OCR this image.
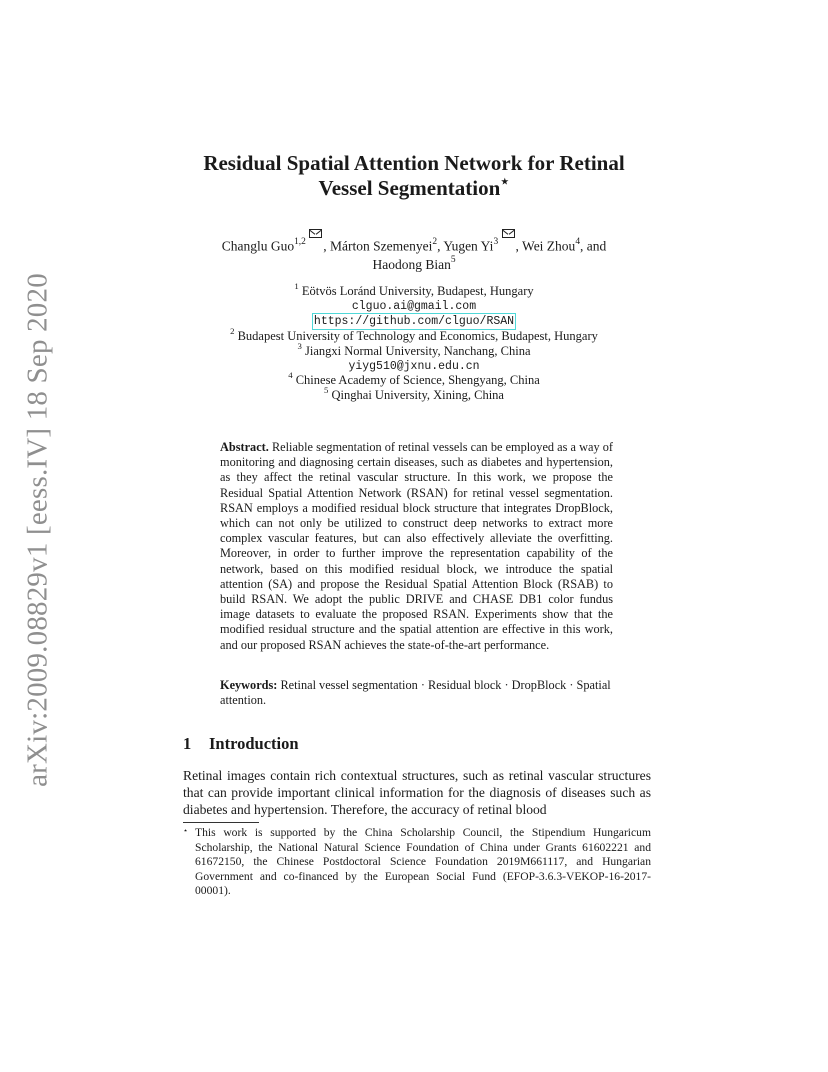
arXiv:2009.08829v1 [eess.IV] 18 Sep 2020
Residual Spatial Attention Network for Retinal
Vessel Segmentation⋆
Changlu Guo$^{1,2}$ , Márton Szemenyei$^2$, Yugen Yi$^3$ , Wei Zhou$^4$, and
Haodong Bian$^5$
$^1$ Eötvös Loránd University, Budapest, Hungary
clguo.ai@gmail.com
https://github.com/clguo/RSAN
$^2$ Budapest University of Technology and Economics, Budapest, Hungary
$^3$ Jiangxi Normal University, Nanchang, China
yiyg510@jxnu.edu.cn
$^4$ Chinese Academy of Science, Shengyang, China
$^5$ Qinghai University, Xining, China
Abstract. Reliable segmentation of retinal vessels can be employed as a way of monitoring and diagnosing certain diseases, such as diabetes and hypertension, as they affect the retinal vascular structure. In this work, we propose the Residual Spatial Attention Network (RSAN) for retinal vessel segmentation. RSAN employs a modified residual block structure that integrates DropBlock, which can not only be utilized to construct deep networks to extract more complex vascular features, but can also effectively alleviate the overfitting. Moreover, in order to further improve the representation capability of the network, based on this modified residual block, we introduce the spatial attention (SA) and propose the Residual Spatial Attention Block (RSAB) to build RSAN. We adopt the public DRIVE and CHASE DB1 color fundus image datasets to evaluate the proposed RSAN. Experiments show that the modified residual structure and the spatial attention are effective in this work, and our proposed RSAN achieves the state-of-the-art performance.
Keywords: Retinal vessel segmentation · Residual block · DropBlock · Spatial attention.
1 Introduction
Retinal images contain rich contextual structures, such as retinal vascular structures that can provide important clinical information for the diagnosis of diseases such as diabetes and hypertension. Therefore, the accuracy of retinal blood
⋆ This work is supported by the China Scholarship Council, the Stipendium Hungaricum Scholarship, the National Natural Science Foundation of China under Grants 61602221 and 61672150, the Chinese Postdoctoral Science Foundation 2019M661117, and Hungarian Government and co-financed by the European Social Fund (EFOP-3.6.3-VEKOP-16-2017-00001).
